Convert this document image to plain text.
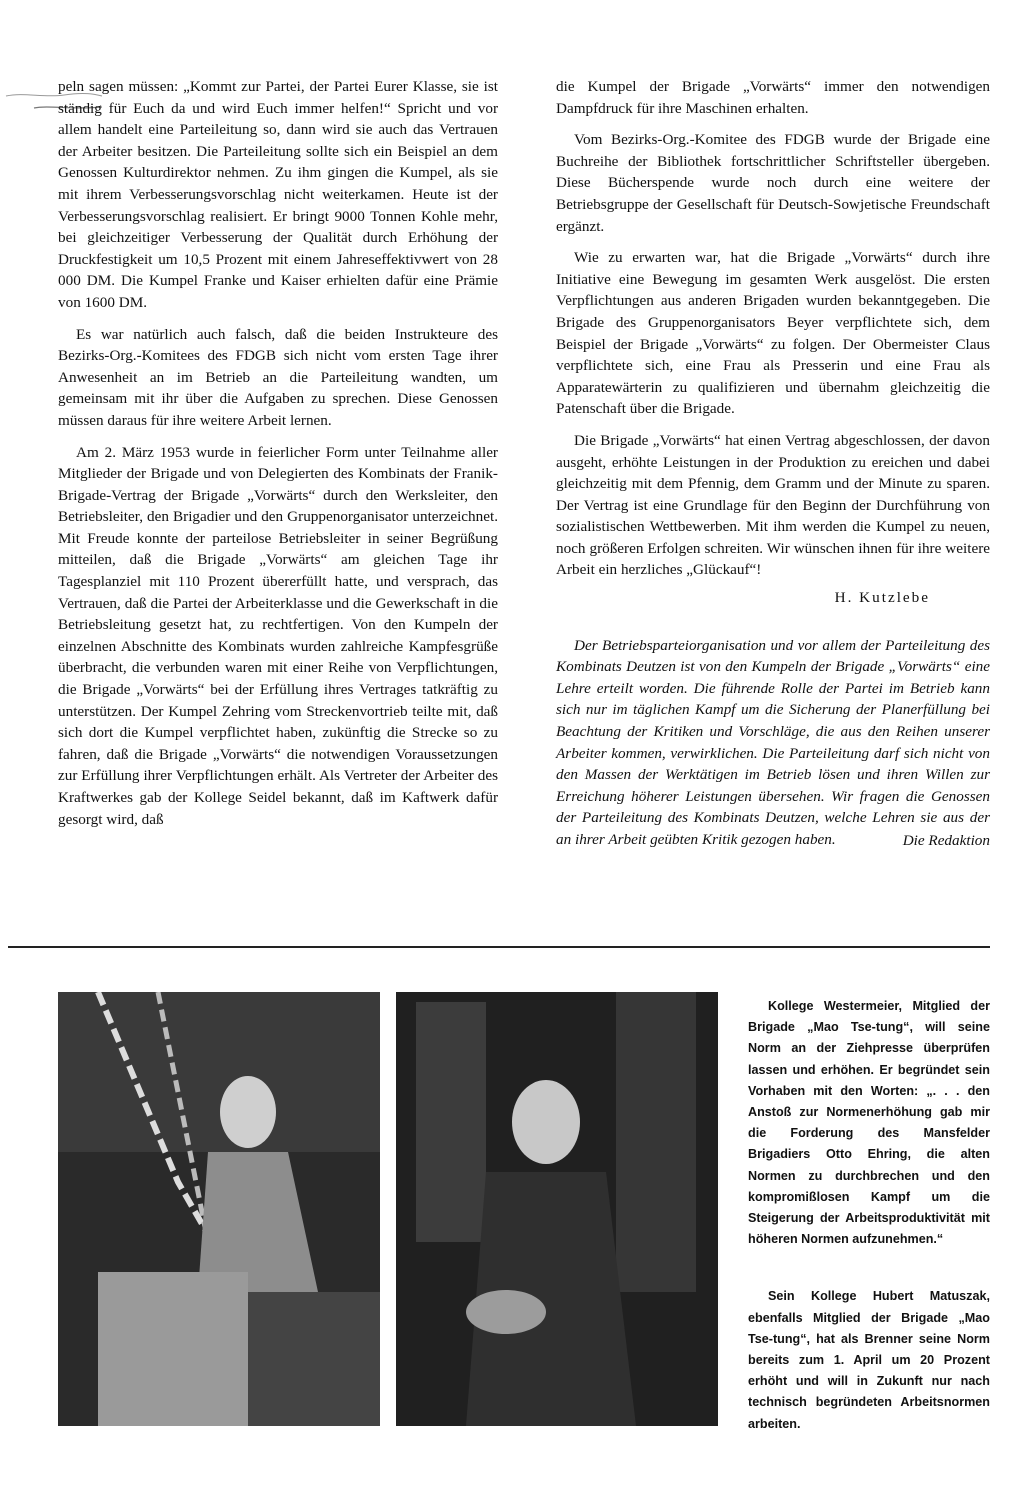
peln sagen müssen: „Kommt zur Partei, der Partei Eurer Klasse, sie ist ständig für Euch da und wird Euch immer helfen!“ Spricht und vor allem handelt eine Parteileitung so, dann wird sie auch das Vertrauen der Arbeiter besitzen. Die Parteileitung sollte sich ein Beispiel an dem Genossen Kulturdirektor nehmen. Zu ihm gingen die Kumpel, als sie mit ihrem Verbesserungsvorschlag nicht weiterkamen. Heute ist der Verbesserungsvorschlag realisiert. Er bringt 9000 Tonnen Kohle mehr, bei gleichzeitiger Verbesserung der Qualität durch Erhöhung der Druckfestigkeit um 10,5 Prozent mit einem Jahreseffektivwert von 28 000 DM. Die Kumpel Franke und Kaiser erhielten dafür eine Prämie von 1600 DM.

Es war natürlich auch falsch, daß die beiden Instrukteure des Bezirks-Org.-Komitees des FDGB sich nicht vom ersten Tage ihrer Anwesenheit an im Betrieb an die Parteileitung wandten, um gemeinsam mit ihr über die Aufgaben zu sprechen. Diese Genossen müssen daraus für ihre weitere Arbeit lernen.

Am 2. März 1953 wurde in feierlicher Form unter Teilnahme aller Mitglieder der Brigade und von Delegierten des Kombinats der Franik-Brigade-Vertrag der Brigade „Vorwärts“ durch den Werksleiter, den Betriebsleiter, den Brigadier und den Gruppenorganisator unterzeichnet. Mit Freude konnte der parteilose Betriebsleiter in seiner Begrüßung mitteilen, daß die Brigade „Vorwärts“ am gleichen Tage ihr Tagesplanziel mit 110 Prozent übererfüllt hatte, und versprach, das Vertrauen, daß die Partei der Arbeiterklasse und die Gewerkschaft in die Betriebsleitung gesetzt hat, zu rechtfertigen. Von den Kumpeln der einzelnen Abschnitte des Kombinats wurden zahlreiche Kampfesgrüße überbracht, die verbunden waren mit einer Reihe von Verpflichtungen, die Brigade „Vorwärts“ bei der Erfüllung ihres Vertrages tatkräftig zu unterstützen. Der Kumpel Zehring vom Streckenvortrieb teilte mit, daß sich dort die Kumpel verpflichtet haben, zukünftig die Strecke so zu fahren, daß die Brigade „Vorwärts“ die notwendigen Voraussetzungen zur Erfüllung ihrer Verpflichtungen erhält. Als Vertreter der Arbeiter des Kraftwerkes gab der Kollege Seidel bekannt, daß im Kaftwerk dafür gesorgt wird, daß

die Kumpel der Brigade „Vorwärts“ immer den notwendigen Dampfdruck für ihre Maschinen erhalten.

Vom Bezirks-Org.-Komitee des FDGB wurde der Brigade eine Buchreihe der Bibliothek fortschrittlicher Schriftsteller übergeben. Diese Bücherspende wurde noch durch eine weitere der Betriebsgruppe der Gesellschaft für Deutsch-Sowjetische Freundschaft ergänzt.

Wie zu erwarten war, hat die Brigade „Vorwärts“ durch ihre Initiative eine Bewegung im gesamten Werk ausgelöst. Die ersten Verpflichtungen aus anderen Brigaden wurden bekanntgegeben. Die Brigade des Gruppenorganisators Beyer verpflichtete sich, dem Beispiel der Brigade „Vorwärts“ zu folgen. Der Obermeister Claus verpflichtete sich, eine Frau als Presserin und eine Frau als Apparatewärterin zu qualifizieren und übernahm gleichzeitig die Patenschaft über die Brigade.

Die Brigade „Vorwärts“ hat einen Vertrag abgeschlossen, der davon ausgeht, erhöhte Leistungen in der Produktion zu ereichen und dabei gleichzeitig mit dem Pfennig, dem Gramm und der Minute zu sparen. Der Vertrag ist eine Grundlage für den Beginn der Durchführung von sozialistischen Wettbewerben. Mit ihm werden die Kumpel zu neuen, noch größeren Erfolgen schreiten. Wir wünschen ihnen für ihre weitere Arbeit ein herzliches „Glückauf“!

H. Kutzlebe

Der Betriebsparteiorganisation und vor allem der Parteileitung des Kombinats Deutzen ist von den Kumpeln der Brigade „Vorwärts“ eine Lehre erteilt worden. Die führende Rolle der Partei im Betrieb kann sich nur im täglichen Kampf um die Sicherung der Planerfüllung bei Beachtung der Kritiken und Vorschläge, die aus den Reihen unserer Arbeiter kommen, verwirklichen. Die Parteileitung darf sich nicht von den Massen der Werktätigen im Betrieb lösen und ihren Willen zur Erreichung höherer Leistungen übersehen. Wir fragen die Genossen der Parteileitung des Kombinats Deutzen, welche Lehren sie aus der an ihrer Arbeit geübten Kritik gezogen haben.	Die Redaktion

Kollege Westermeier, Mitglied der Brigade „Mao Tse-tung“, will seine Norm an der Ziehpresse überprüfen lassen und erhöhen. Er begründet sein Vorhaben mit den Worten: „. . . den Anstoß zur Normenerhöhung gab mir die Forderung des Mansfelder Brigadiers Otto Ehring, die alten Normen zu durchbrechen und den kompromißlosen Kampf um die Steigerung der Arbeitsproduktivität mit höheren Normen aufzunehmen.“

Sein Kollege Hubert Matuszak, ebenfalls Mitglied der Brigade „Mao Tse-tung“, hat als Brenner seine Norm bereits zum 1. April um 20 Prozent erhöht und will in Zukunft nur nach technisch begründeten Arbeitsnormen arbeiten.
